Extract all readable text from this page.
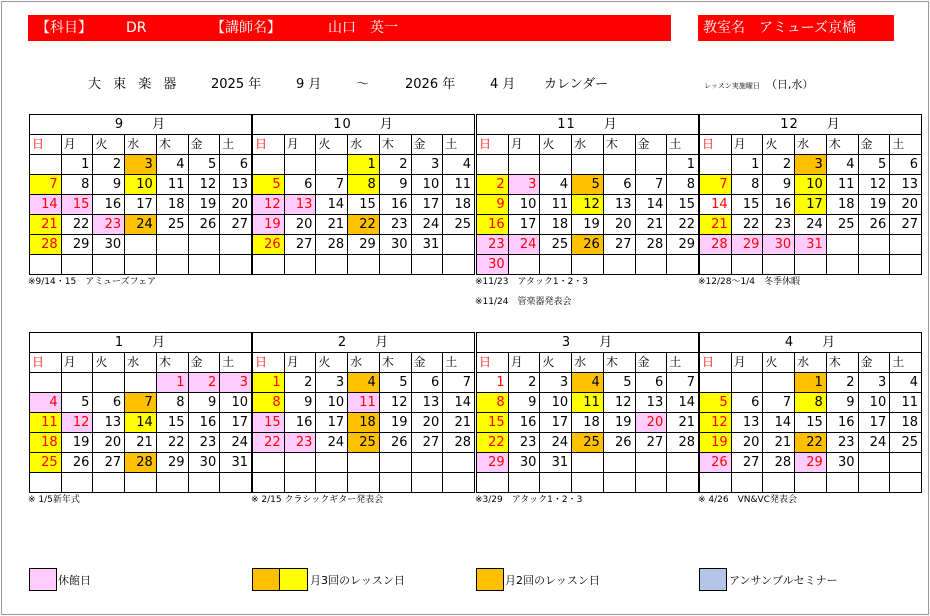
【科目】 DR	【講師名】	山口　英一	教室名　アミューズ京橋
大 束 楽 器 2025 年	9 月	～	2026 年	4 月 カレンダー	レッスン実施曜日 （日,水）
9　　月						
日	月	火	水	木	金	土
	1	2	3	4	5	6
7	8	9	10	11	12	13
14	15	16	17	18	19	20
21	22	23	24	25	26	27
28	29	30				

※9/14・15　アミューズフェア
10　　月						
日	月	火	水	木	金	土
			1	2	3	4
5	6	7	8	9	10	11
12	13	14	15	16	17	18
19	20	21	22	23	24	25
26	27	28	29	30	31	

11　　月						
日	月	火	水	木	金	土
						1
2	3	4	5	6	7	8
9	10	11	12	13	14	15
16	17	18	19	20	21	22
23	24	25	26	27	28	29
30						
※11/23　アタック1・2・3
※11/24　管楽器発表会
12　　月						
日	月	火	水	木	金	土
	1	2	3	4	5	6
7	8	9	10	11	12	13
14	15	16	17	18	19	20
21	22	23	24	25	26	27
28	29	30	31			

※12/28～1/4　冬季休暇
1　　月						
日	月	火	水	木	金	土
				1	2	3
4	5	6	7	8	9	10
11	12	13	14	15	16	17
18	19	20	21	22	23	24
25	26	27	28	29	30	31

※ 1/5新年式
2　　月						
日	月	火	水	木	金	土
1	2	3	4	5	6	7
8	9	10	11	12	13	14
15	16	17	18	19	20	21
22	23	24	25	26	27	28

※ 2/15 クラシックギター発表会
3　　月						
日	月	火	水	木	金	土
1	2	3	4	5	6	7
8	9	10	11	12	13	14
15	16	17	18	19	20	21
22	23	24	25	26	27	28
29	30	31				

※3/29　アタック1・2・3
4　　月						
日	月	火	水	木	金	土
			1	2	3	4
5	6	7	8	9	10	11
12	13	14	15	16	17	18
19	20	21	22	23	24	25
26	27	28	29	30		

※ 4/26　VN&VC発表会
休館日	月3回のレッスン日	月2回のレッスン日	アンサンブルセミナー
